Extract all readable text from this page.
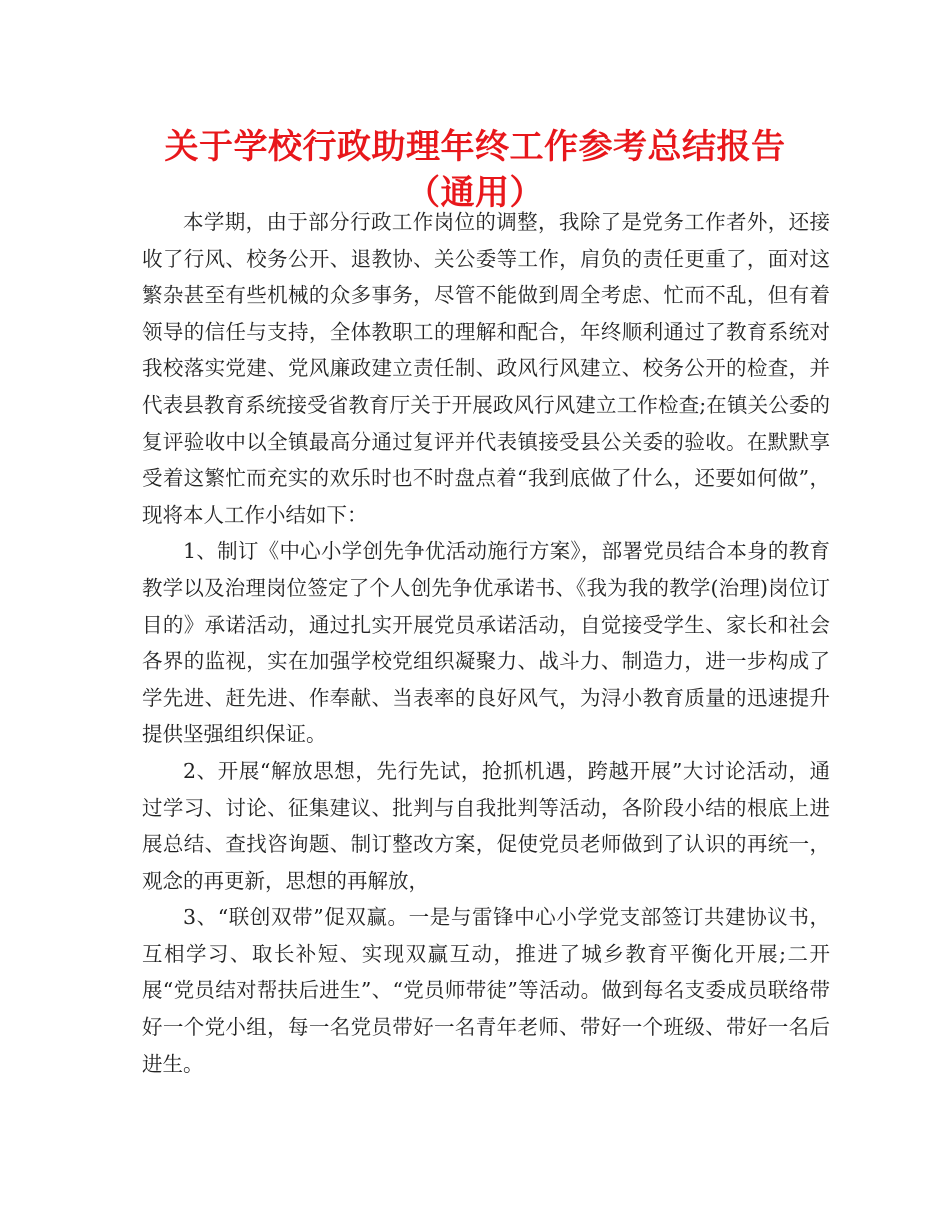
关于学校行政助理年终工作参考总结报告（通用）

本学期，由于部分行政工作岗位的调整，我除了是党务工作者外，还接收了行风、校务公开、退教协、关公委等工作，肩负的责任更重了，面对这繁杂甚至有些机械的众多事务，尽管不能做到周全考虑、忙而不乱，但有着领导的信任与支持，全体教职工的理解和配合，年终顺利通过了教育系统对我校落实党建、党风廉政建立责任制、政风行风建立、校务公开的检查，并代表县教育系统接受省教育厅关于开展政风行风建立工作检查;在镇关公委的复评验收中以全镇最高分通过复评并代表镇接受县公关委的验收。在默默享受着这繁忙而充实的欢乐时也不时盘点着“我到底做了什么，还要如何做”，现将本人工作小结如下：

1、制订《中心小学创先争优活动施行方案》，部署党员结合本身的教育教学以及治理岗位签定了个人创先争优承诺书、《我为我的教学(治理)岗位订目的》承诺活动，通过扎实开展党员承诺活动，自觉接受学生、家长和社会各界的监视，实在加强学校党组织凝聚力、战斗力、制造力，进一步构成了学先进、赶先进、作奉献、当表率的良好风气，为浔小教育质量的迅速提升提供坚强组织保证。

2、开展“解放思想，先行先试，抢抓机遇，跨越开展”大讨论活动，通过学习、讨论、征集建议、批判与自我批判等活动，各阶段小结的根底上进展总结、查找咨询题、制订整改方案，促使党员老师做到了认识的再统一，观念的再更新，思想的再解放，

3、“联创双带”促双赢。一是与雷锋中心小学党支部签订共建协议书，互相学习、取长补短、实现双赢互动，推进了城乡教育平衡化开展;二开展“党员结对帮扶后进生”、“党员师带徒”等活动。做到每名支委成员联络带好一个党小组，每一名党员带好一名青年老师、带好一个班级、带好一名后进生。
